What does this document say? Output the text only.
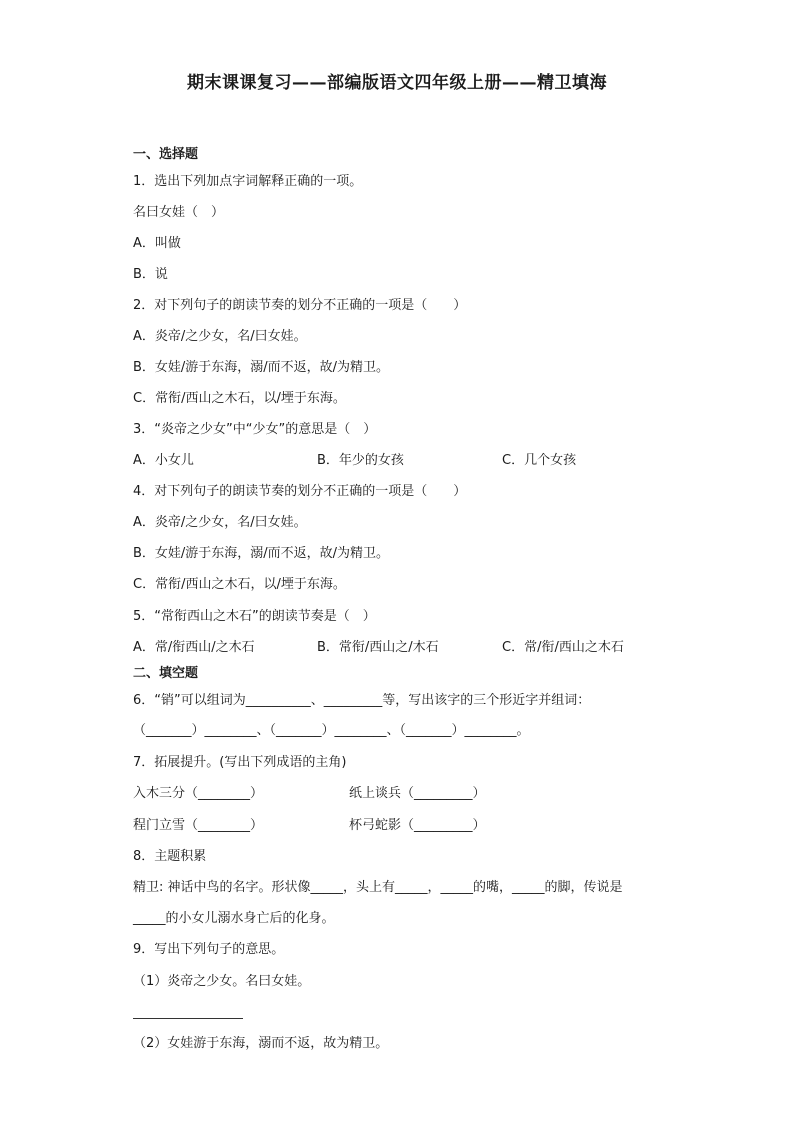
期末课课复习——部编版语文四年级上册——精卫填海
一、选择题
1．选出下列加点字词解释正确的一项。
名曰女娃（　）
A．叫做
B．说
2．对下列句子的朗读节奏的划分不正确的一项是（　　）
A．炎帝/之少女，名/曰女娃。
B．女娃/游于东海，溺/而不返，故/为精卫。
C．常衔/西山之木石，以/堙于东海。
3．“炎帝之少女”中“少女”的意思是（　）
A．小女儿	B．年少的女孩	C．几个女孩
4．对下列句子的朗读节奏的划分不正确的一项是（　　）
A．炎帝/之少女，名/曰女娃。
B．女娃/游于东海，溺/而不返，故/为精卫。
C．常衔/西山之木石，以/堙于东海。
5．“常衔西山之木石”的朗读节奏是（　）
A．常/衔西山/之木石	B．常衔/西山之/木石	C．常/衔/西山之木石
二、填空题
6．“销”可以组词为__________、_________等，写出该字的三个形近字并组词：
（_______）________、（_______）________、（_______）________。
7．拓展提升。(写出下列成语的主角)
入木三分（________）	纸上谈兵（_________）
程门立雪（________）	杯弓蛇影（_________）
8．主题积累
精卫: 神话中鸟的名字。形状像_____，头上有_____，_____的嘴，_____的脚，传说是
_____的小女儿溺水身亡后的化身。
9．写出下列句子的意思。
（1）炎帝之少女。名曰女娃。
（2）女娃游于东海，溺而不返，故为精卫。
